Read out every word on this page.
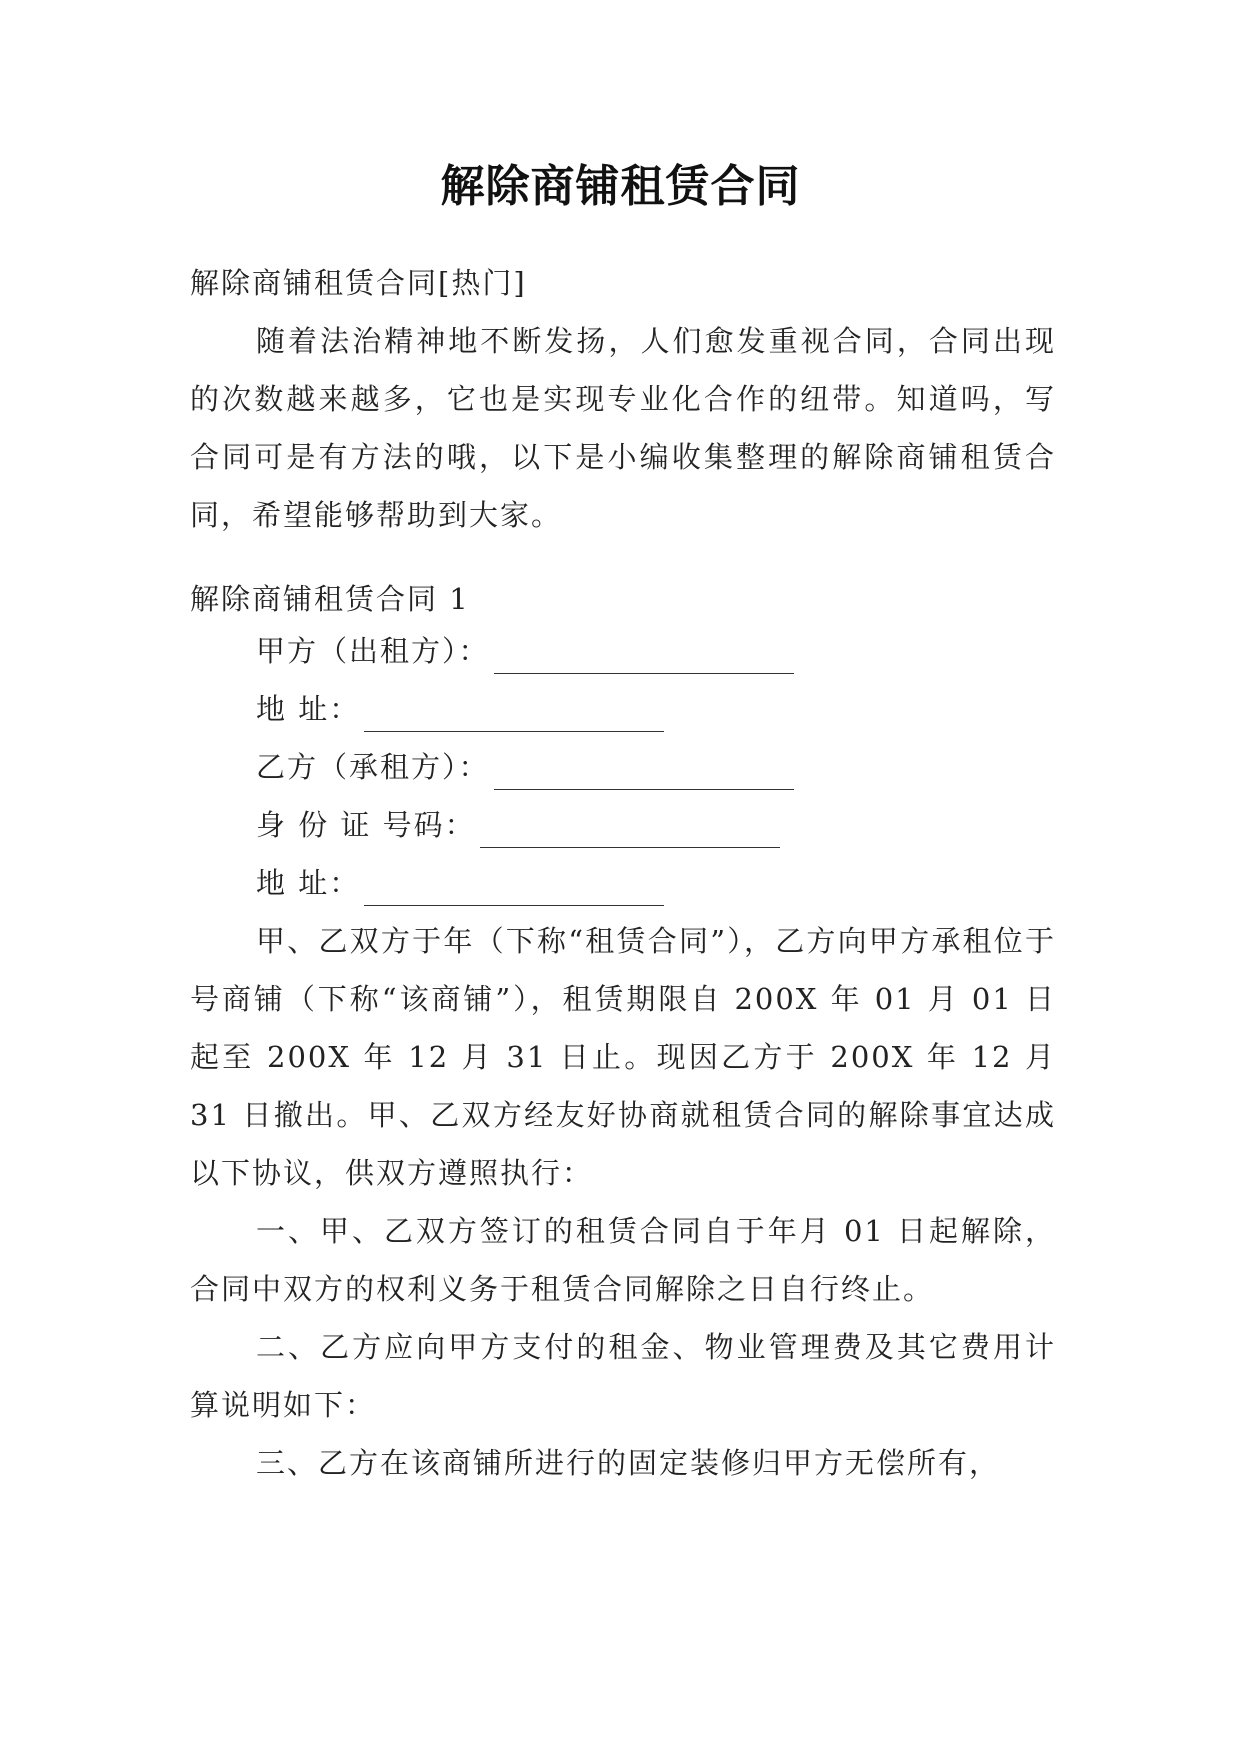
解除商铺租赁合同
解除商铺租赁合同[热门]
随着法治精神地不断发扬，人们愈发重视合同，合同出现的次数越来越多，它也是实现专业化合作的纽带。知道吗，写合同可是有方法的哦，以下是小编收集整理的解除商铺租赁合同，希望能够帮助到大家。
解除商铺租赁合同 1
甲方（出租方）：
地 址：
乙方（承租方）：
身 份 证 号码：
地 址：
甲、乙双方于年（下称“租赁合同”），乙方向甲方承租位于 号商铺（下称“该商铺”），租赁期限自 200X 年 01 月 01 日起至 200X 年 12 月 31 日止。现因乙方于 200X 年 12 月 31 日撤出。甲、乙双方经友好协商就租赁合同的解除事宜达成以下协议，供双方遵照执行：
一、甲、乙双方签订的租赁合同自于年月 01 日起解除，合同中双方的权利义务于租赁合同解除之日自行终止。
二、乙方应向甲方支付的租金、物业管理费及其它费用计算说明如下：
三、乙方在该商铺所进行的固定装修归甲方无偿所有，
